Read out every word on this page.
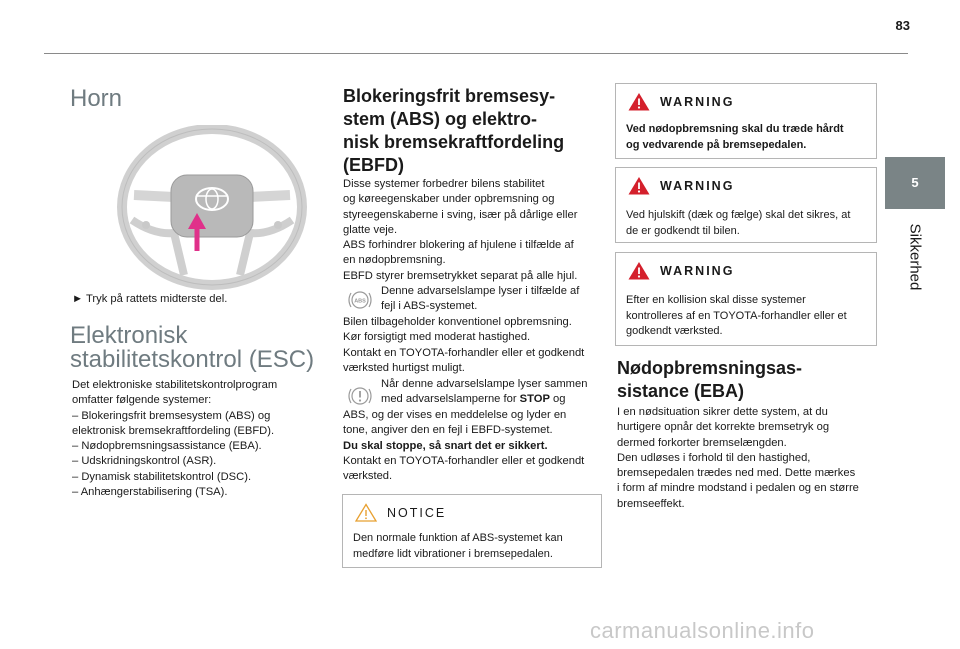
83
5
Sikkerhed
Horn
► Tryk på rattets midterste del.
Elektronisk
stabilitetskontrol (ESC)
Det elektroniske stabilitetskontrolprogram
omfatter følgende systemer:
– Blokeringsfrit bremsesystem (ABS) og
elektronisk bremsekraftfordeling (EBFD).
– Nødopbremsningsassistance (EBA).
– Udskridningskontrol (ASR).
– Dynamisk stabilitetskontrol (DSC).
– Anhængerstabilisering (TSA).
Blokeringsfrit bremsesy-
stem (ABS) og elektro-
nisk bremsekraftfordeling
(EBFD)
Disse systemer forbedrer bilens stabilitet
og køreegenskaber under opbremsning og
styreegenskaberne i sving, især på dårlige eller
glatte veje.
ABS forhindrer blokering af hjulene i tilfælde af
en nødopbremsning.
EBFD styrer bremsetrykket separat på alle hjul.
ABS
Denne advarselslampe lyser i tilfælde af
fejl i ABS-systemet.
Bilen tilbageholder konventionel opbremsning.
Kør forsigtigt med moderat hastighed.
Kontakt en TOYOTA-forhandler eller et godkendt
værksted hurtigst muligt.
Når denne advarselslampe lyser sammen
med advarselslamperne for STOP og
ABS, og der vises en meddelelse og lyder en
tone, angiver den en fejl i EBFD-systemet.
Du skal stoppe, så snart det er sikkert.
Kontakt en TOYOTA-forhandler eller et godkendt
værksted.
NOTICE

Den normale funktion af ABS-systemet kan

medføre lidt vibrationer i bremsepedalen.

WARNING

Ved nødopbremsning skal du træde hårdt

og vedvarende på bremsepedalen.

WARNING

Ved hjulskift (dæk og fælge) skal det sikres, at

de er godkendt til bilen.

WARNING

Efter en kollision skal disse systemer

kontrolleres af en TOYOTA-forhandler eller et

godkendt værksted.

Nødopbremsningsas-
sistance (EBA)
I en nødsituation sikrer dette system, at du
hurtigere opnår det korrekte bremsetryk og
dermed forkorter bremselængden.
Den udløses i forhold til den hastighed,
bremsepedalen trædes ned med. Dette mærkes
i form af mindre modstand i pedalen og en større
bremseeffekt.
carmanualsonline.info
